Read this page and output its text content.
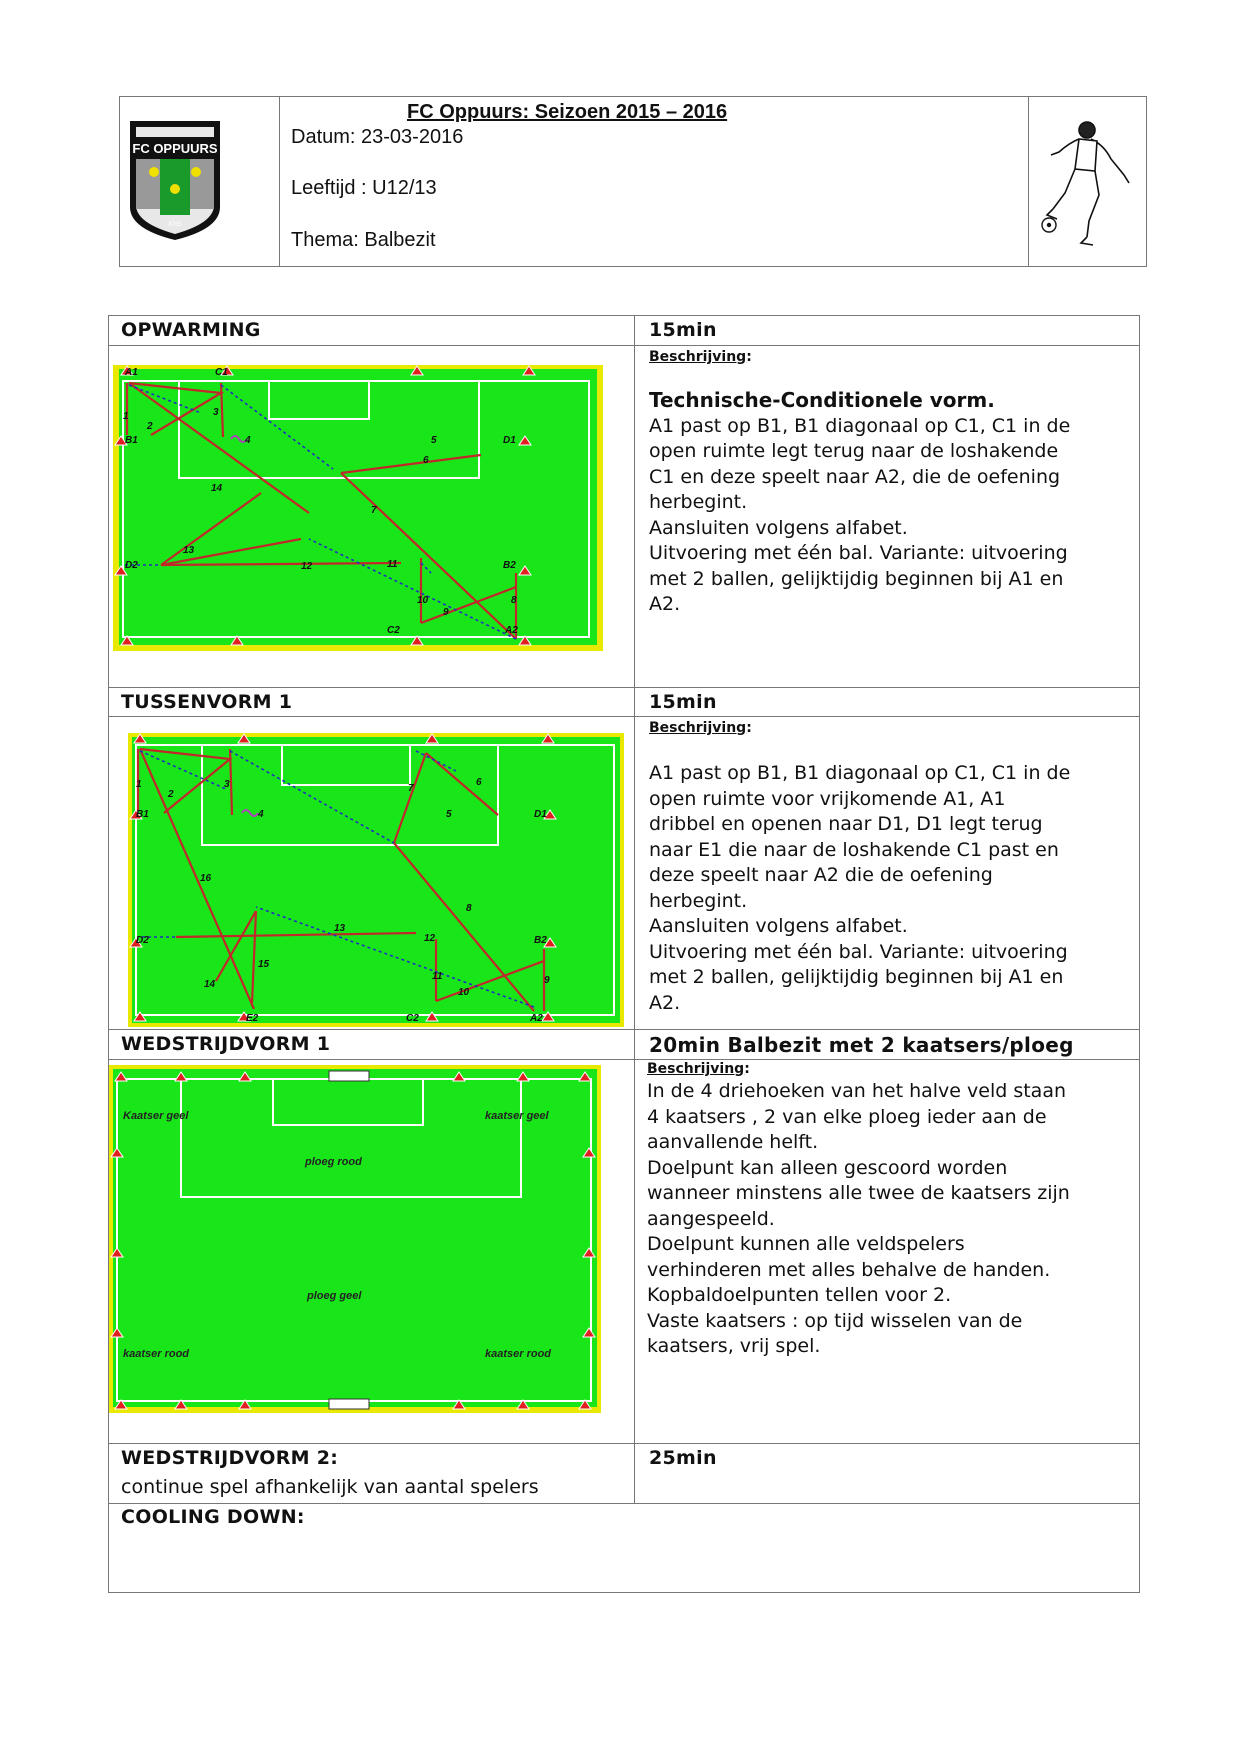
FC OPPUURS
8765
FC Oppuurs: Seizoen 2015 – 2016
Datum: 23-03-2016
Leeftijd : U12/13
Thema: Balbezit
OPWARMING	15min
Beschrijving:
Technische-Conditionele vorm.
A1 past op B1, B1 diagonaal op C1, C1 in de
open ruimte legt terug naar de loshakende
C1 en deze speelt naar A2, die de oefening
herbegint.
Aansluiten volgens alfabet.
Uitvoering met één bal. Variante: uitvoering
met 2 ballen, gelijktijdig beginnen bij A1 en
A2.
A1	C1
B1	D1
D2	B2
C2	A2
1
2
3
4	5
6
7
8
9
10
11
12
13
14
TUSSENVORM 1	15min
Beschrijving:
A1 past op B1, B1 diagonaal op C1, C1 in de
open ruimte voor vrijkomende A1, A1
dribbel en openen naar D1, D1 legt terug
naar E1 die naar de loshakende C1 past en
deze speelt naar A2 die de oefening
herbegint.
Aansluiten volgens alfabet.
Uitvoering met één bal. Variante: uitvoering
met 2 ballen, gelijktijdig beginnen bij A1 en
A2.
B1	D1
D2	B2
E2	C2	A2
1
2
3
4	5
6
7
8
9
10
11
12
13
14
15
16
WEDSTRIJDVORM 1	20min Balbezit met 2 kaatsers/ploeg
Beschrijving:
In de 4 driehoeken van het halve veld staan
4 kaatsers , 2 van elke ploeg ieder aan de
aanvallende helft.
Doelpunt kan alleen gescoord worden
wanneer minstens alle twee de kaatsers zijn
aangespeeld.
Doelpunt kunnen alle veldspelers
verhinderen met alles behalve de handen.
Kopbaldoelpunten tellen voor 2.
Vaste kaatsers : op tijd wisselen van de
kaatsers, vrij spel.
Kaatser geel	kaatser geel
ploeg rood
ploeg geel
kaatser rood	kaatser rood
WEDSTRIJDVORM 2:
continue spel afhankelijk van aantal spelers
25min
COOLING DOWN:
